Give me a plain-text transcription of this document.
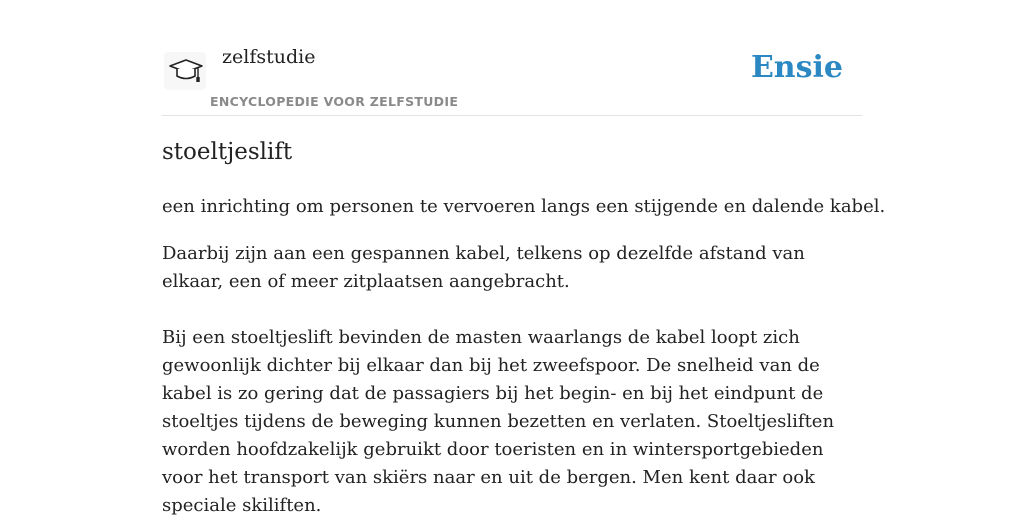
zelfstudie
ENCYCLOPEDIE VOOR ZELFSTUDIE
Ensie
stoeltjeslift

een inrichting om personen te vervoeren langs een stijgende en dalende kabel.

Daarbij zijn aan een gespannen kabel, telkens op dezelfde afstand van elkaar, een of meer zitplaatsen aangebracht.

Bij een stoeltjeslift bevinden de masten waarlangs de kabel loopt zich gewoonlijk dichter bij elkaar dan bij het zweefspoor. De snelheid van de kabel is zo gering dat de passagiers bij het begin- en bij het eindpunt de stoeltjes tijdens de beweging kunnen bezetten en verlaten. Stoeltjesliften worden hoofdzakelijk gebruikt door toeristen en in wintersportgebieden voor het transport van skiërs naar en uit de bergen. Men kent daar ook speciale skiliften.
